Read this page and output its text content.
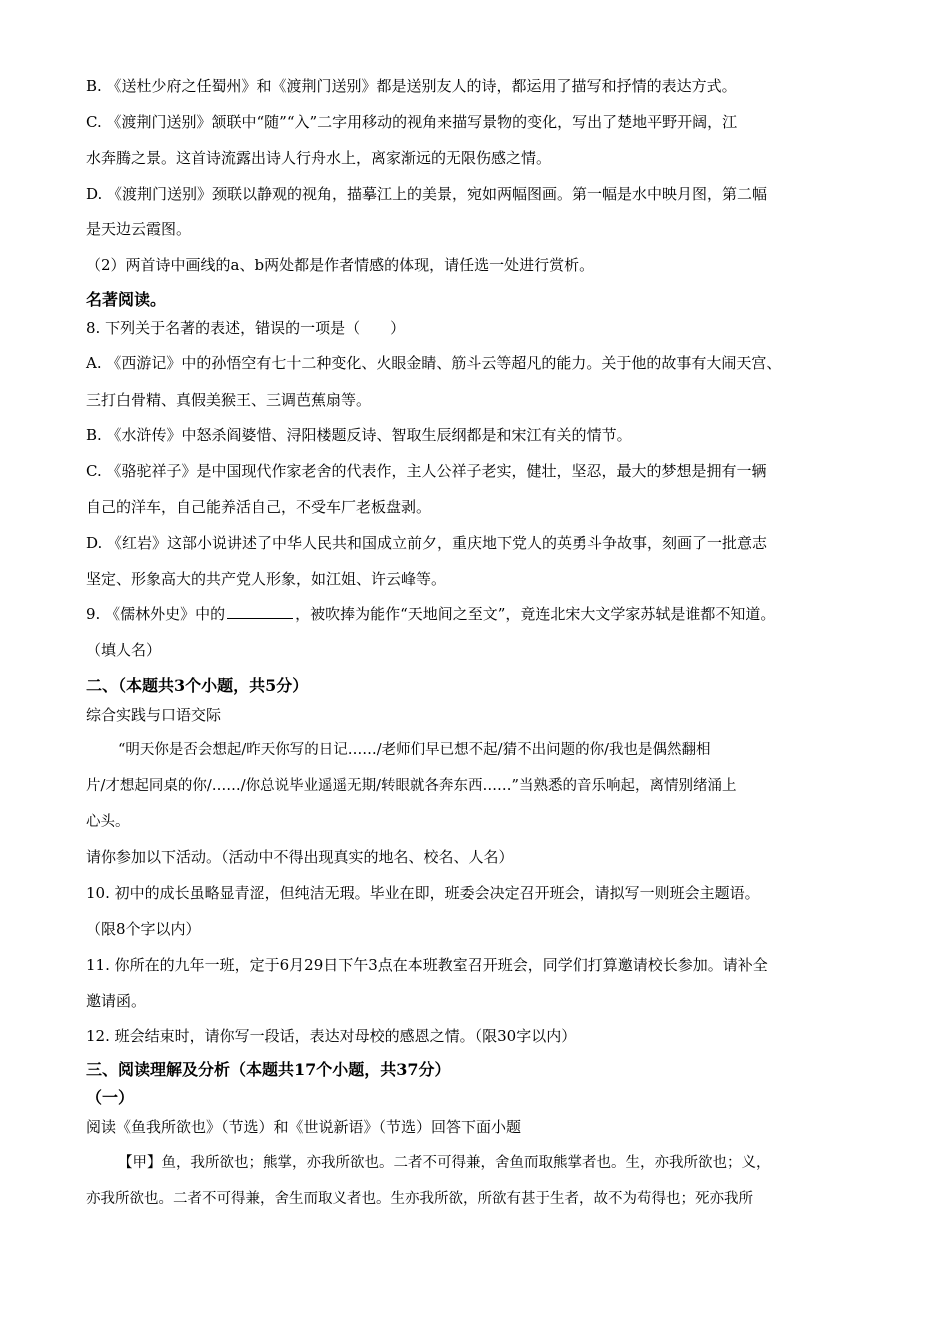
B. 《送杜少府之任蜀州》和《渡荆门送别》都是送别友人的诗，都运用了描写和抒情的表达方式。
C. 《渡荆门送别》颔联中“随”“入”二字用移动的视角来描写景物的变化，写出了楚地平野开阔，江
水奔腾之景。这首诗流露出诗人行舟水上，离家渐远的无限伤感之情。
D. 《渡荆门送别》颈联以静观的视角，描摹江上的美景，宛如两幅图画。第一幅是水中映月图，第二幅
是天边云霞图。
（2）两首诗中画线的a、b两处都是作者情感的体现，请任选一处进行赏析。
名著阅读。
8. 下列关于名著的表述，错误的一项是（　　）
A. 《西游记》中的孙悟空有七十二种变化、火眼金睛、筋斗云等超凡的能力。关于他的故事有大闹天宫、
三打白骨精、真假美猴王、三调芭蕉扇等。
B. 《水浒传》中怒杀阎婆惜、浔阳楼题反诗、智取生辰纲都是和宋江有关的情节。
C. 《骆驼祥子》是中国现代作家老舍的代表作，主人公祥子老实，健壮，坚忍，最大的梦想是拥有一辆
自己的洋车，自己能养活自己，不受车厂老板盘剥。
D. 《红岩》这部小说讲述了中华人民共和国成立前夕，重庆地下党人的英勇斗争故事，刻画了一批意志
坚定、形象高大的共产党人形象，如江姐、许云峰等。
9. 《儒林外史》中的	，被吹捧为能作“天地间之至文”，竟连北宋大文学家苏轼是谁都不知道。
（填人名）
二、（本题共3个小题，共5分）
综合实践与口语交际
“明天你是否会想起/昨天你写的日记……/老师们早已想不起/猜不出问题的你/我也是偶然翻相
片/才想起同桌的你/……/你总说毕业遥遥无期/转眼就各奔东西……”当熟悉的音乐响起，离情别绪涌上
心头。
请你参加以下活动。（活动中不得出现真实的地名、校名、人名）
10. 初中的成长虽略显青涩，但纯洁无瑕。毕业在即，班委会决定召开班会，请拟写一则班会主题语。
（限8个字以内）
11. 你所在的九年一班，定于6月29日下午3点在本班教室召开班会，同学们打算邀请校长参加。请补全
邀请函。
12. 班会结束时，请你写一段话，表达对母校的感恩之情。（限30字以内）
三、阅读理解及分析（本题共17个小题，共37分）
（一）
阅读《鱼我所欲也》（节选）和《世说新语》（节选）回答下面小题
【甲】鱼，我所欲也；熊掌，亦我所欲也。二者不可得兼，舍鱼而取熊掌者也。生，亦我所欲也；义，
亦我所欲也。二者不可得兼，舍生而取义者也。生亦我所欲，所欲有甚于生者，故不为苟得也；死亦我所
